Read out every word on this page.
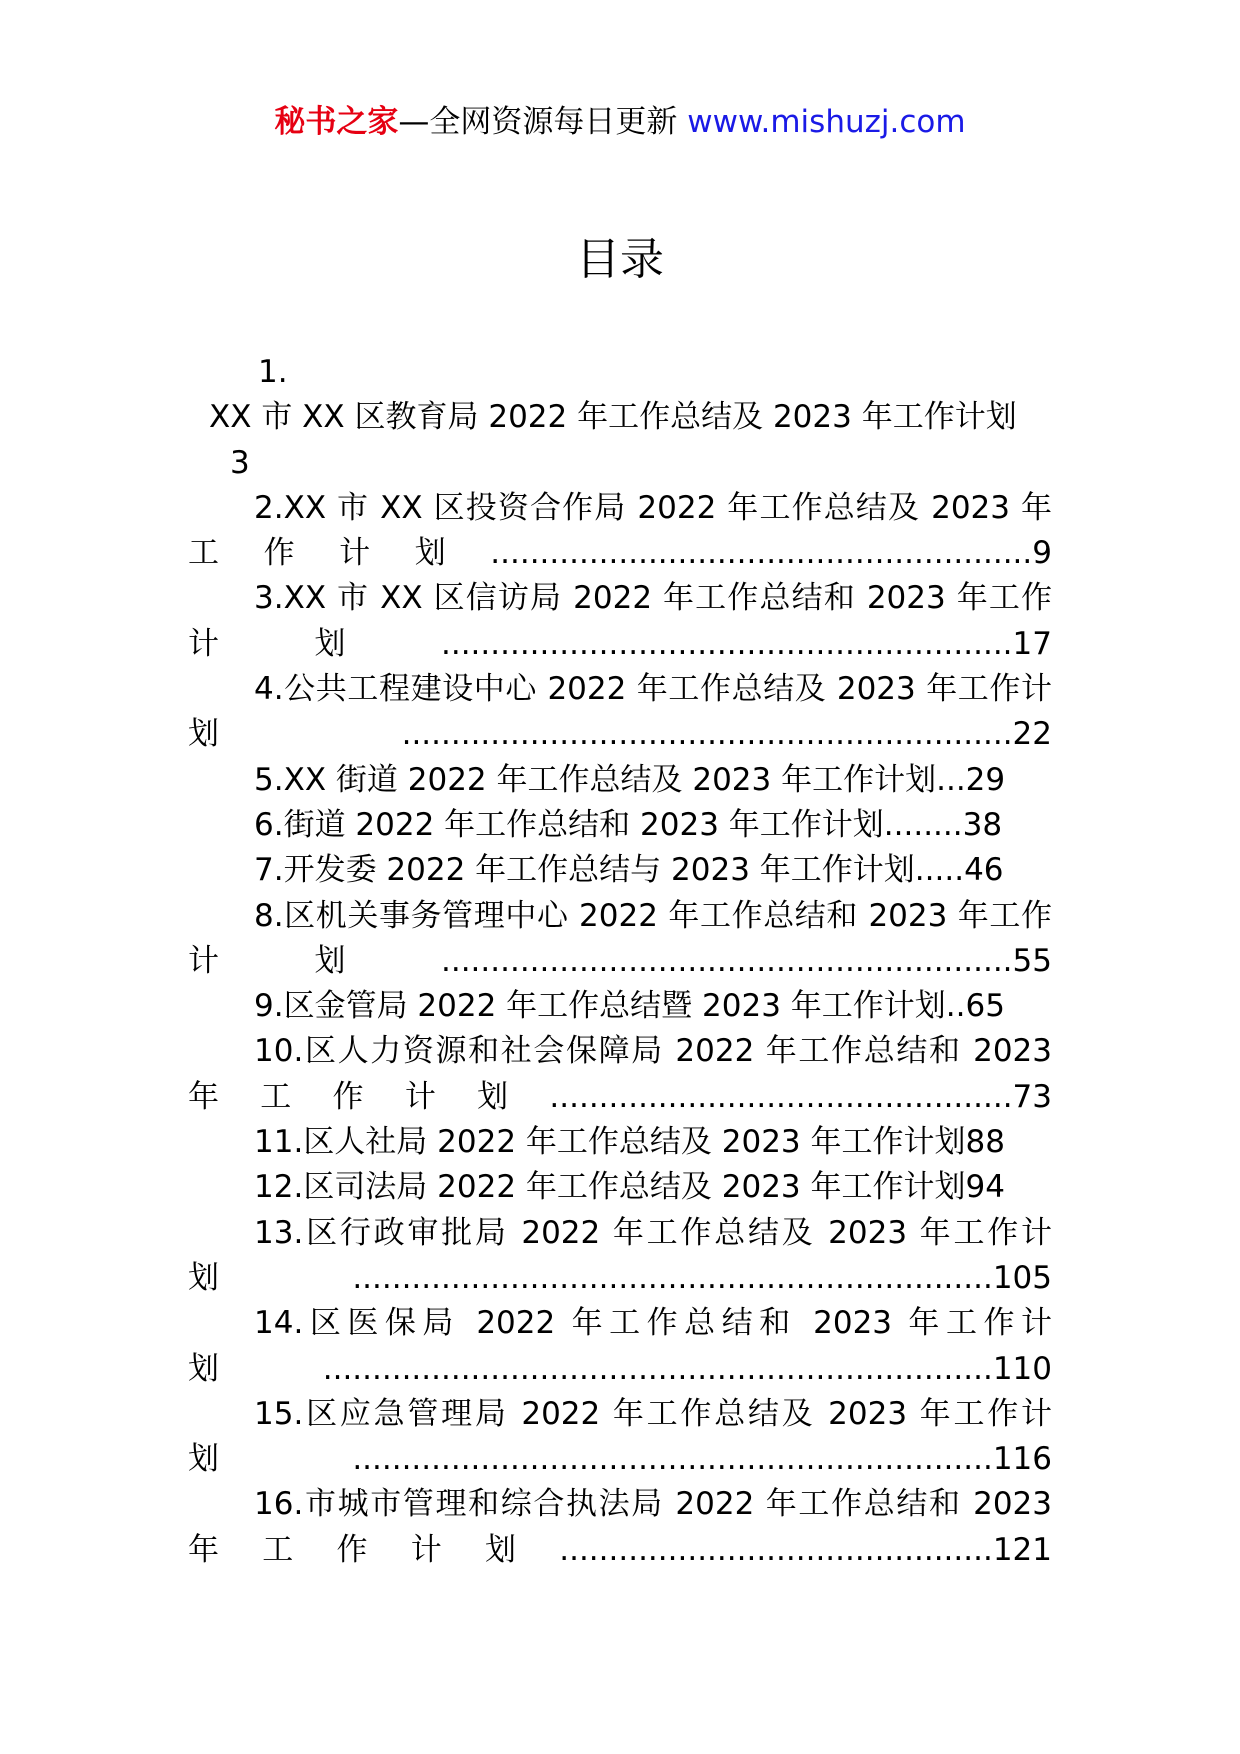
秘书之家—全网资源每日更新 www.mishuzj.com
目录
1.
XX 市 XX 区教育局 2022 年工作总结及 2023 年工作计划
3
2.XX 市 XX 区投资合作局 2022 年工作总结及 2023 年工作计划.......................................................9
3.XX 市 XX 区信访局 2022 年工作总结和 2023 年工作计划..........................................................17
4.公共工程建设中心 2022 年工作总结及 2023 年工作计划..............................................................22
5.XX 街道 2022 年工作总结及 2023 年工作计划...29
6.街道 2022 年工作总结和 2023 年工作计划........38
7.开发委 2022 年工作总结与 2023 年工作计划.....46
8.区机关事务管理中心 2022 年工作总结和 2023 年工作计划..........................................................55
9.区金管局 2022 年工作总结暨 2023 年工作计划..65
10.区人力资源和社会保障局 2022 年工作总结和 2023 年工作计划...............................................73
11.区人社局 2022 年工作总结及 2023 年工作计划88
12.区司法局 2022 年工作总结及 2023 年工作计划94
13.区行政审批局 2022 年工作总结及 2023 年工作计划.................................................................105
14.区医保局 2022 年工作总结和 2023 年工作计划....................................................................110
15.区应急管理局 2022 年工作总结及 2023 年工作计划.................................................................116
16.市城市管理和综合执法局 2022 年工作总结和 2023 年工作计划............................................121
